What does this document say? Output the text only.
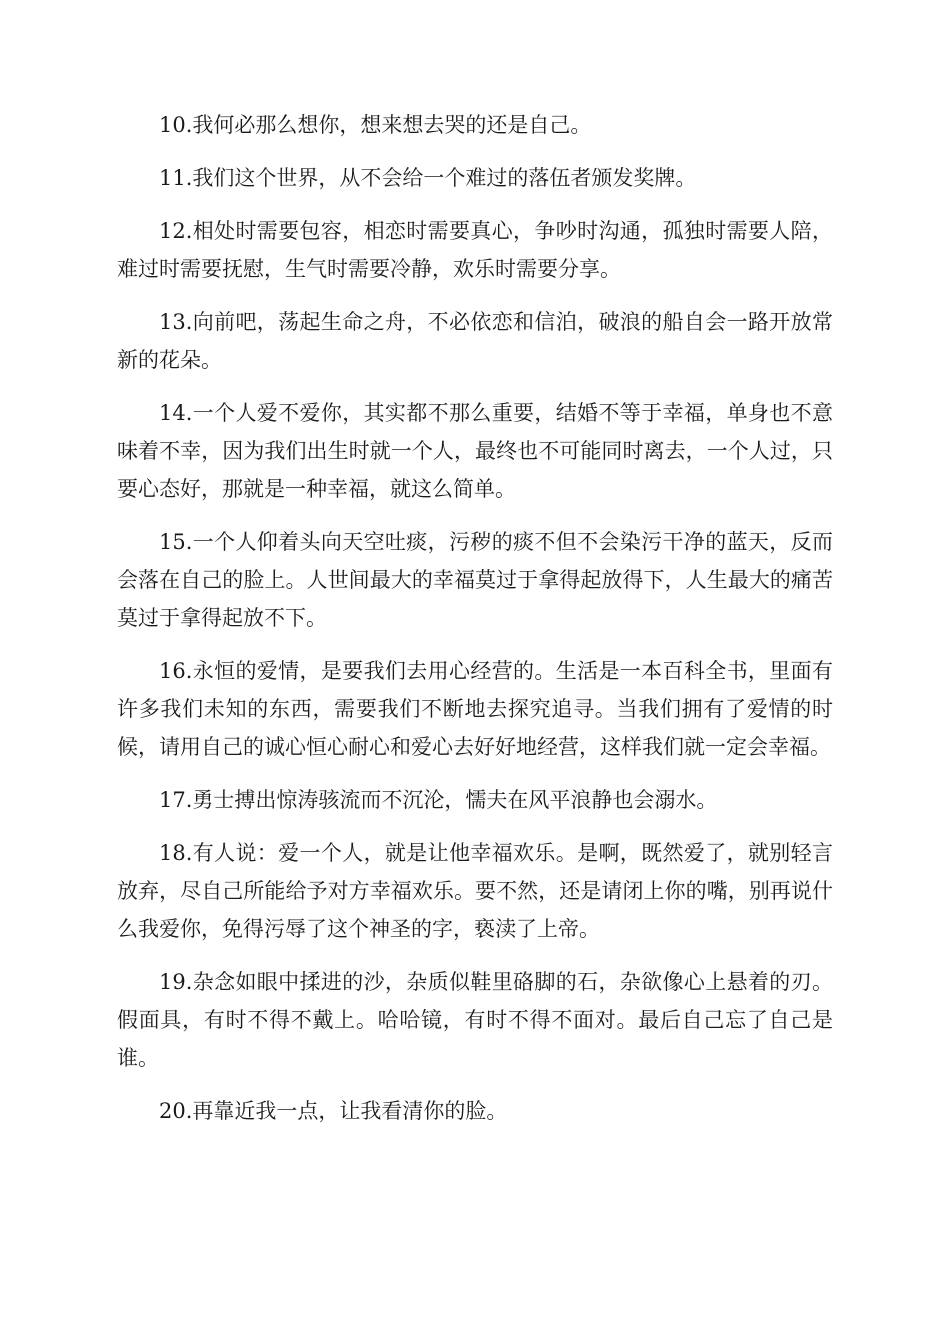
10.我何必那么想你，想来想去哭的还是自己。

11.我们这个世界，从不会给一个难过的落伍者颁发奖牌。

12.相处时需要包容，相恋时需要真心，争吵时沟通，孤独时需要人陪，难过时需要抚慰，生气时需要冷静，欢乐时需要分享。

13.向前吧，荡起生命之舟，不必依恋和信泊，破浪的船自会一路开放常新的花朵。

14.一个人爱不爱你，其实都不那么重要，结婚不等于幸福，单身也不意味着不幸，因为我们出生时就一个人，最终也不可能同时离去，一个人过，只要心态好，那就是一种幸福，就这么简单。

15.一个人仰着头向天空吐痰，污秽的痰不但不会染污干净的蓝天，反而会落在自己的脸上。人世间最大的幸福莫过于拿得起放得下，人生最大的痛苦莫过于拿得起放不下。

16.永恒的爱情，是要我们去用心经营的。生活是一本百科全书，里面有许多我们未知的东西，需要我们不断地去探究追寻。当我们拥有了爱情的时候，请用自己的诚心恒心耐心和爱心去好好地经营，这样我们就一定会幸福。

17.勇士搏出惊涛骇流而不沉沦，懦夫在风平浪静也会溺水。

18.有人说：爱一个人，就是让他幸福欢乐。是啊，既然爱了，就别轻言放弃，尽自己所能给予对方幸福欢乐。要不然，还是请闭上你的嘴，别再说什么我爱你，免得污辱了这个神圣的字，亵渎了上帝。

19.杂念如眼中揉进的沙，杂质似鞋里硌脚的石，杂欲像心上悬着的刃。假面具，有时不得不戴上。哈哈镜，有时不得不面对。最后自己忘了自己是谁。

20.再靠近我一点，让我看清你的脸。
